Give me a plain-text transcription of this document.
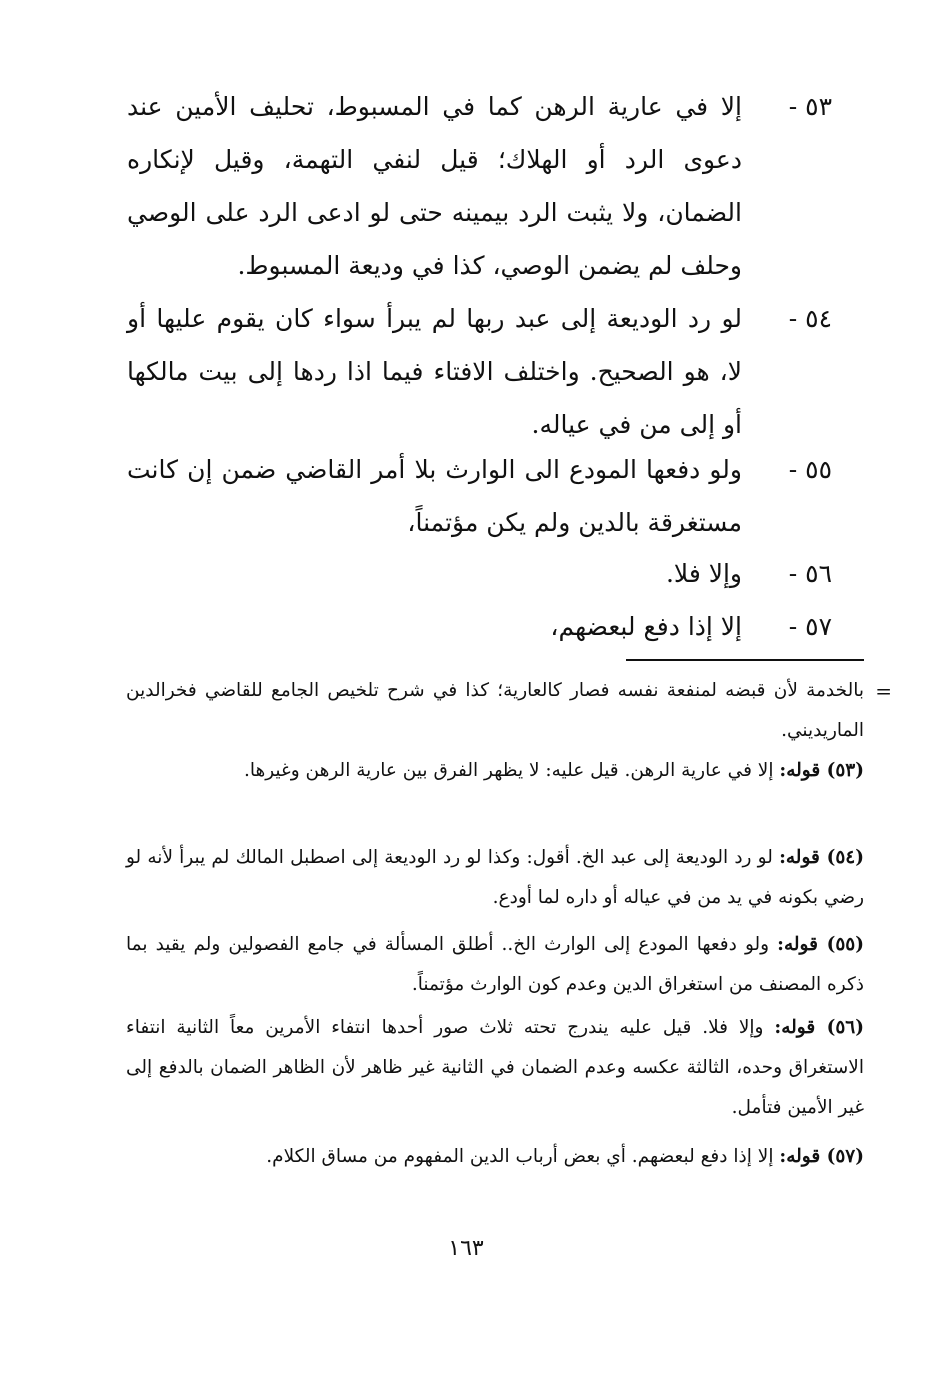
٥٣ -
إلا في عارية الرهن كما في المسبوط، تحليف الأمين عند دعوى الرد أو الهلاك؛ قيل لنفي التهمة، وقيل لإنكاره الضمان، ولا يثبت الرد بيمينه حتى لو ادعى الرد على الوصي وحلف لم يضمن الوصي، كذا في وديعة المسبوط.
٥٤ -
لو رد الوديعة إلى عبد ربها لم يبرأ سواء كان يقوم عليها أو لا، هو الصحيح. واختلف الافتاء فيما اذا ردها إلى بيت مالكها أو إلى من في عياله.
٥٥ -
ولو دفعها المودع الى الوارث بلا أمر القاضي ضمن إن كانت مستغرقة بالدين ولم يكن مؤتمناً،
٥٦ -
وإلا فلا.
٥٧ -
إلا إذا دفع لبعضهم،
=
بالخدمة لأن قبضه لمنفعة نفسه فصار كالعارية؛ كذا في شرح تلخيص الجامع للقاضي فخرالدين الماريديني.
(٥٣) قوله: إلا في عارية الرهن. قيل عليه: لا يظهر الفرق بين عارية الرهن وغيرها.
(٥٤) قوله: لو رد الوديعة إلى عبد الخ. أقول: وكذا لو رد الوديعة إلى اصطبل المالك لم يبرأ لأنه لو رضي بكونه في يد من في عياله أو داره لما أودع.
(٥٥) قوله: ولو دفعها المودع إلى الوارث الخ.. أطلق المسألة في جامع الفصولين ولم يقيد بما ذكره المصنف من استغراق الدين وعدم كون الوارث مؤتمناً.
(٥٦) قوله: وإلا فلا. قيل عليه يندرج تحته ثلاث صور أحدها انتفاء الأمرين معاً الثانية انتفاء الاستغراق وحده، الثالثة عكسه وعدم الضمان في الثانية غير ظاهر لأن الظاهر الضمان بالدفع إلى غير الأمين فتأمل.
(٥٧) قوله: إلا إذا دفع لبعضهم. أي بعض أرباب الدين المفهوم من مساق الكلام.
١٦٣
